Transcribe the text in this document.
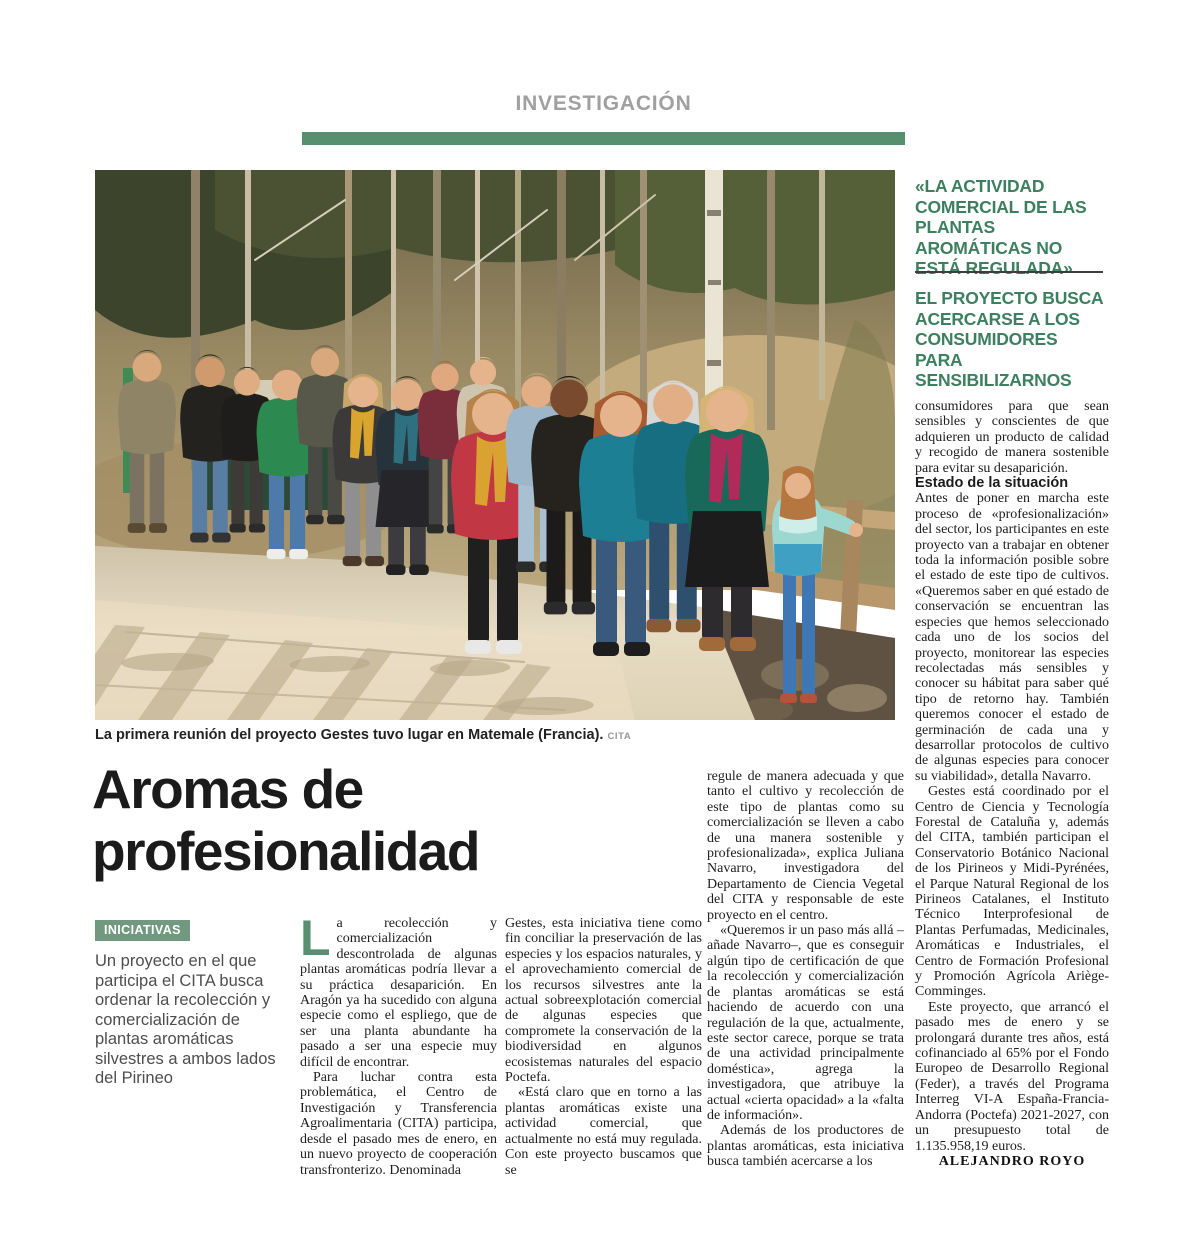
INVESTIGACIÓN
La primera reunión del proyecto Gestes tuvo lugar en Matemale (Francia). CITA
Aromas de profesionalidad
INICIATIVAS
Un proyecto en el que participa el CITA busca ordenar la recolección y comercialización de plantas aromáticas silvestres a ambos lados del Pirineo

La recolección y comercialización descontrolada de algunas plantas aromáticas podría llevar a su práctica desaparición. En Aragón ya ha sucedido con alguna especie como el espliego, que de ser una planta abundante ha pasado a ser una especie muy difícil de encontrar.

Para luchar contra esta problemática, el Centro de Investigación y Transferencia Agroalimentaria (CITA) participa, desde el pasado mes de enero, en un nuevo proyecto de cooperación transfronterizo. Denominada

Gestes, esta iniciativa tiene como fin conciliar la preservación de las especies y los espacios naturales, y el aprovechamiento comercial de los recursos silvestres ante la actual sobreexplotación comercial de algunas especies que compromete la conservación de la biodiversidad en algunos ecosistemas naturales del espacio Poctefa.

«Está claro que en torno a las plantas aromáticas existe una actividad comercial, que actualmente no está muy regulada. Con este proyecto buscamos que se

regule de manera adecuada y que tanto el cultivo y recolección de este tipo de plantas como su comercialización se lleven a cabo de una manera sostenible y profesionalizada», explica Juliana Navarro, investigadora del Departamento de Ciencia Vegetal del CITA y responsable de este proyecto en el centro.

«Queremos ir un paso más allá –añade Navarro–, que es conseguir algún tipo de certificación de que la recolección y comercialización de plantas aromáticas se está haciendo de acuerdo con una regulación de la que, actualmente, este sector carece, porque se trata de una actividad principalmente doméstica», agrega la investigadora, que atribuye la actual «cierta opacidad» a la «falta de información».

Además de los productores de plantas aromáticas, esta iniciativa busca también acercarse a los

«LA ACTIVIDAD COMERCIAL DE LAS PLANTAS AROMÁTICAS NO ESTÁ REGULADA»
EL PROYECTO BUSCA ACERCARSE A LOS CONSUMIDORES PARA SENSIBILIZARNOS

consumidores para que sean sensibles y conscientes de que adquieren un producto de calidad y recogido de manera sostenible para evitar su desaparición.

Estado de la situación

Antes de poner en marcha este proceso de «profesionalización» del sector, los participantes en este proyecto van a trabajar en obtener toda la información posible sobre el estado de este tipo de cultivos. «Queremos saber en qué estado de conservación se encuentran las especies que hemos seleccionado cada uno de los socios del proyecto, monitorear las especies recolectadas más sensibles y conocer su hábitat para saber qué tipo de retorno hay. También queremos conocer el estado de germinación de cada una y desarrollar protocolos de cultivo de algunas especies para conocer su viabilidad», detalla Navarro.

Gestes está coordinado por el Centro de Ciencia y Tecnología Forestal de Cataluña y, además del CITA, también participan el Conservatorio Botánico Nacional de los Pirineos y Midi-Pyrénées, el Parque Natural Regional de los Pirineos Catalanes, el Instituto Técnico Interprofesional de Plantas Perfumadas, Medicinales, Aromáticas e Industriales, el Centro de Formación Profesional y Promoción Agrícola Ariège-Comminges.

Este proyecto, que arrancó el pasado mes de enero y se prolongará durante tres años, está cofinanciado al 65% por el Fondo Europeo de Desarrollo Regional (Feder), a través del Programa Interreg VI-A España-Francia-Andorra (Poctefa) 2021-2027, con un presupuesto total de 1.135.958,19 euros.

ALEJANDRO ROYO
